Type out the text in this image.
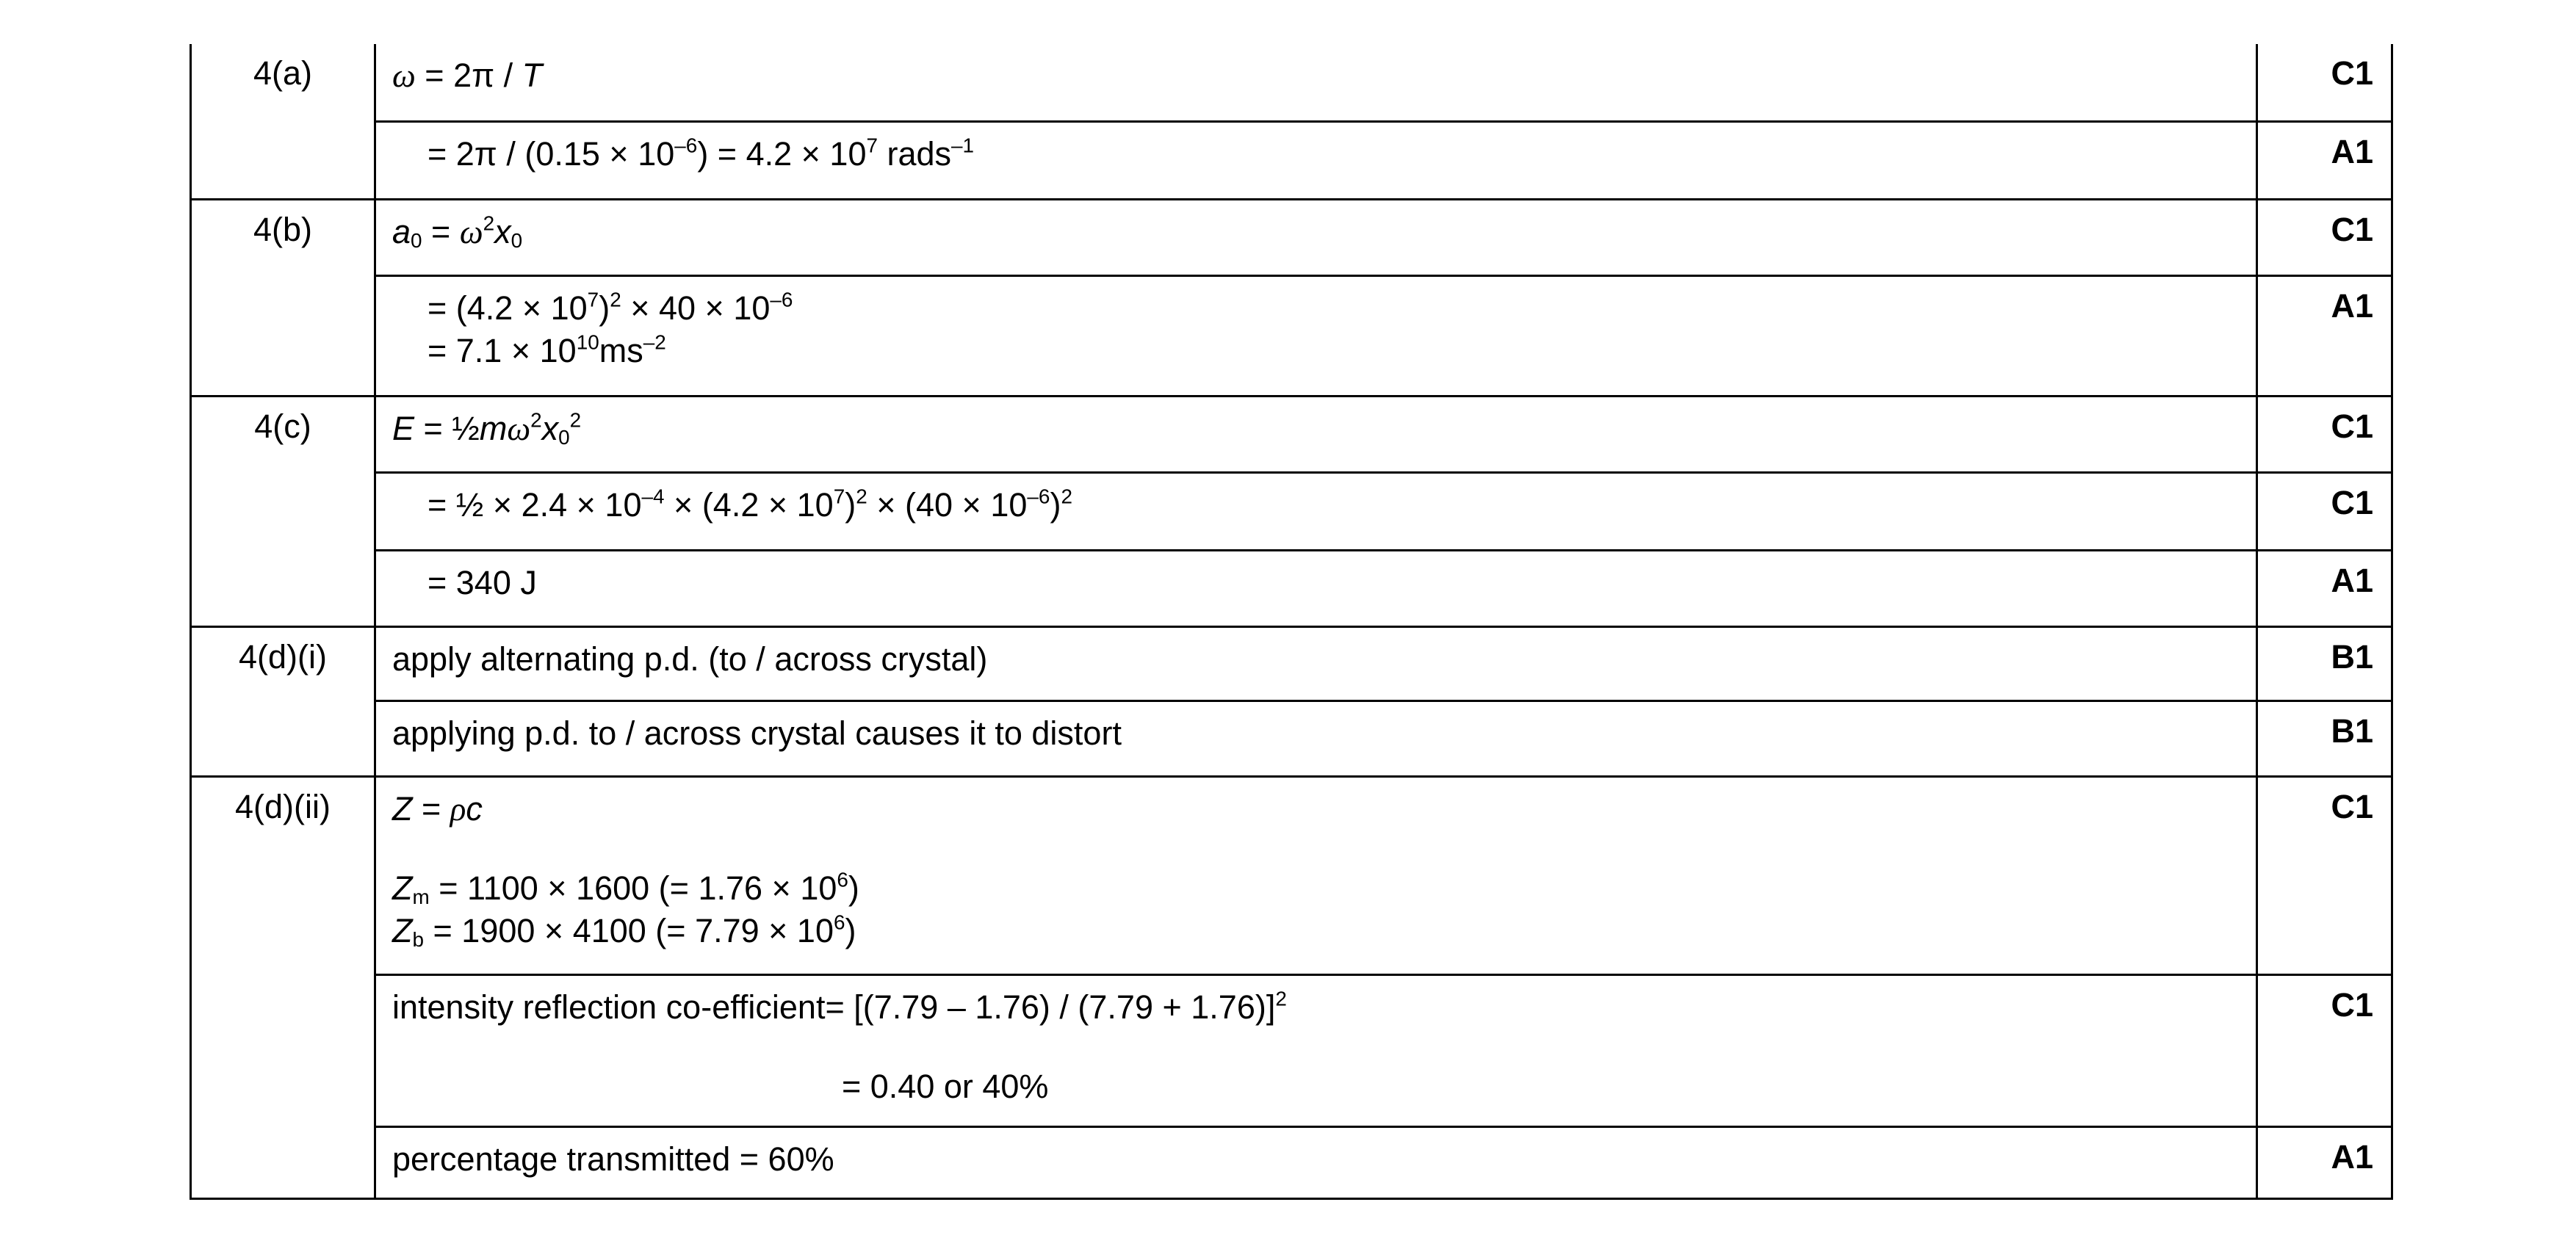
4(a)	ω = 2π / T	C1

	= $2\pi / (0.15 \times 10^{-6}) = 4.2 \times 10^7$ rads$^{-1}$	A1
4(b)	$a_0 = \omega^2x_0$	C1

	= $(4.2 \times 10^7)^2 \times 40 \times 10^{-6}$
= $7.1 \times 10^{10}ms^{-2}$	A1
4(c)	$E = \frac{1}{2}m\omega^2x_0^2$	C1

	= ½ × $2.4 \times 10^{-4} \times (4.2 \times 10^7)^2 \times (40 \times 10^{-6})^2$	C1

	= 340 J	A1
4(d)(i)	apply alternating p.d. (to / across crystal)	B1
	applying p.d. to / across crystal causes it to distort	B1
4(d)(ii)	Z = ρc
$Z_m = 1100 \times 1600$ (= $1.76 \times 10^6$)
$Z_b = 1900 \times 4100$ (= $7.79 \times 10^6$)	C1

	intensity reflection co-efficient= $[(7.79 - 1.76) / (7.79 + 1.76)]^2$
= 0.40 or 40%	C1
	percentage transmitted = 60%	A1
